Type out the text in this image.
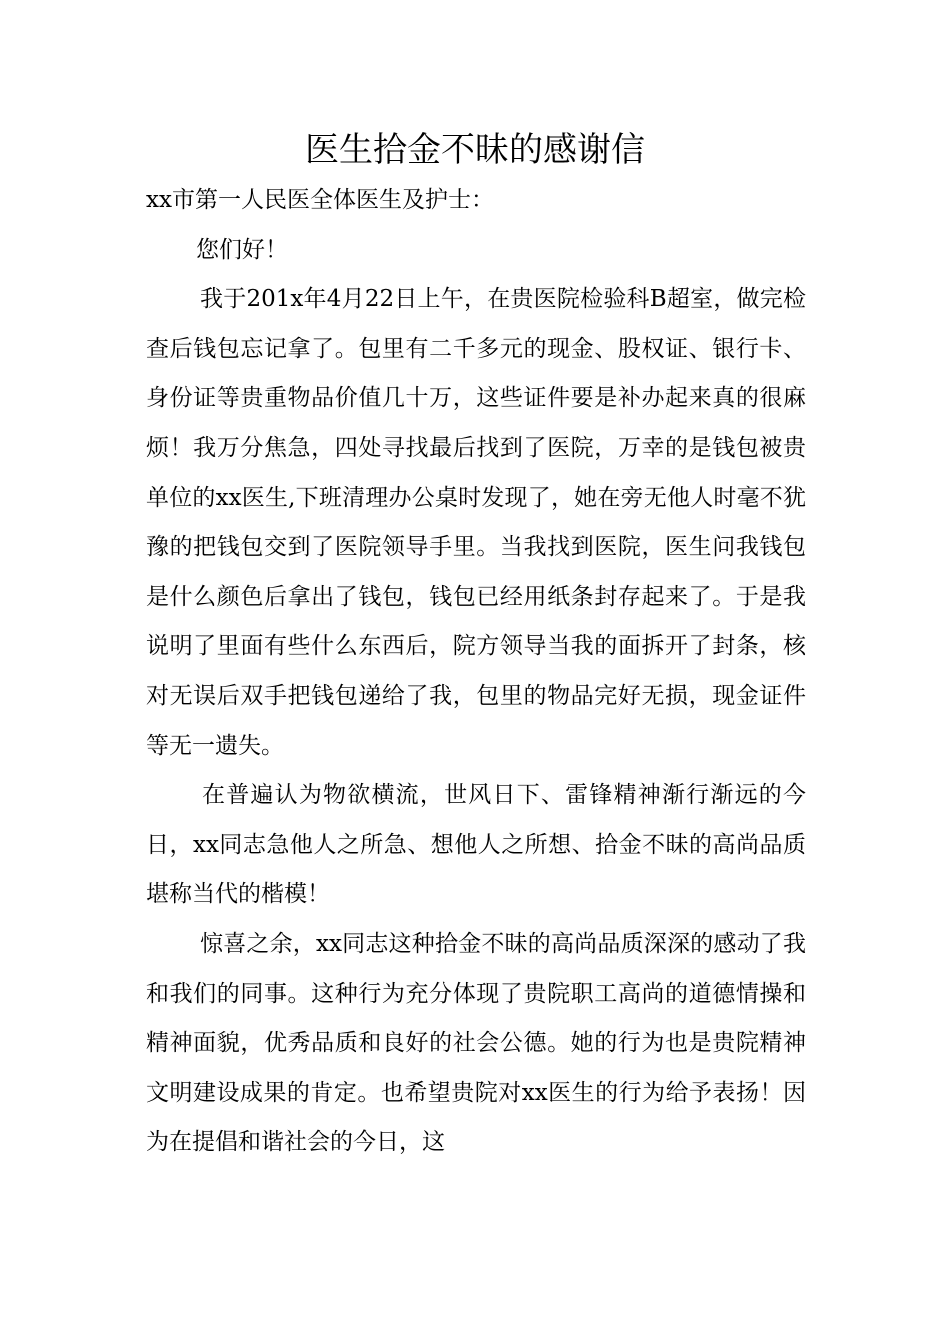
医生拾金不昧的感谢信

xx市第一人民医全体医生及护士：

您们好！

我于201x年4月22日上午，在贵医院检验科B超室，做完检查后钱包忘记拿了。包里有二千多元的现金、股权证、银行卡、身份证等贵重物品价值几十万，这些证件要是补办起来真的很麻烦！我万分焦急，四处寻找最后找到了医院，万幸的是钱包被贵单位的xx医生,下班清理办公桌时发现了，她在旁无他人时毫不犹豫的把钱包交到了医院领导手里。当我找到医院，医生问我钱包是什么颜色后拿出了钱包，钱包已经用纸条封存起来了。于是我说明了里面有些什么东西后，院方领导当我的面拆开了封条，核对无误后双手把钱包递给了我，包里的物品完好无损，现金证件等无一遗失。

在普遍认为物欲横流，世风日下、雷锋精神渐行渐远的今日，xx同志急他人之所急、想他人之所想、拾金不昧的高尚品质堪称当代的楷模！

惊喜之余，xx同志这种拾金不昧的高尚品质深深的感动了我和我们的同事。这种行为充分体现了贵院职工高尚的道德情操和精神面貌，优秀品质和良好的社会公德。她的行为也是贵院精神文明建设成果的肯定。也希望贵院对xx医生的行为给予表扬！因为在提倡和谐社会的今日，这
